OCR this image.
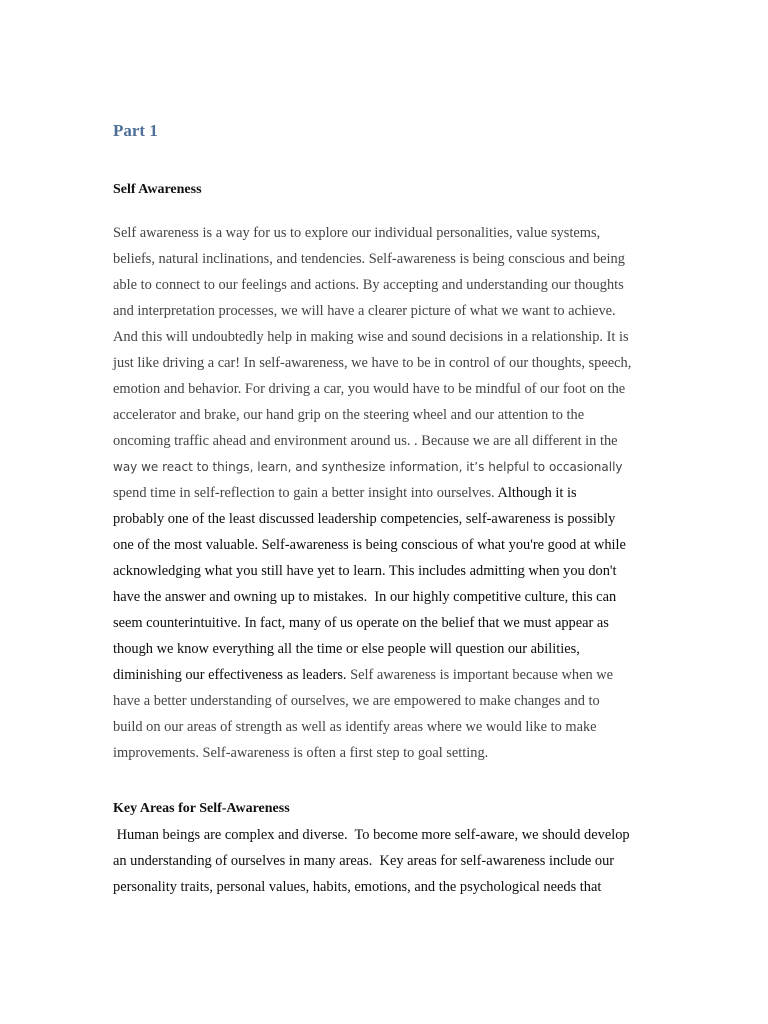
Part 1
Self Awareness
Self awareness is a way for us to explore our individual personalities, value systems,
beliefs, natural inclinations, and tendencies. Self-awareness is being conscious and being
able to connect to our feelings and actions. By accepting and understanding our thoughts
and interpretation processes, we will have a clearer picture of what we want to achieve.
And this will undoubtedly help in making wise and sound decisions in a relationship. It is
just like driving a car! In self-awareness, we have to be in control of our thoughts, speech,
emotion and behavior. For driving a car, you would have to be mindful of our foot on the
accelerator and brake, our hand grip on the steering wheel and our attention to the
oncoming traffic ahead and environment around us. . Because we are all different in the
way we react to things, learn, and synthesize information, it’s helpful to occasionally
spend time in self-reflection to gain a better insight into ourselves. Although it is
probably one of the least discussed leadership competencies, self-awareness is possibly
one of the most valuable. Self-awareness is being conscious of what you're good at while
acknowledging what you still have yet to learn. This includes admitting when you don't
have the answer and owning up to mistakes.  In our highly competitive culture, this can
seem counterintuitive. In fact, many of us operate on the belief that we must appear as
though we know everything all the time or else people will question our abilities,
diminishing our effectiveness as leaders. Self awareness is important because when we
have a better understanding of ourselves, we are empowered to make changes and to
build on our areas of strength as well as identify areas where we would like to make
improvements. Self-awareness is often a first step to goal setting.
Key Areas for Self-Awareness
Human beings are complex and diverse.  To become more self-aware, we should develop
an understanding of ourselves in many areas.  Key areas for self-awareness include our
personality traits, personal values, habits, emotions, and the psychological needs that
